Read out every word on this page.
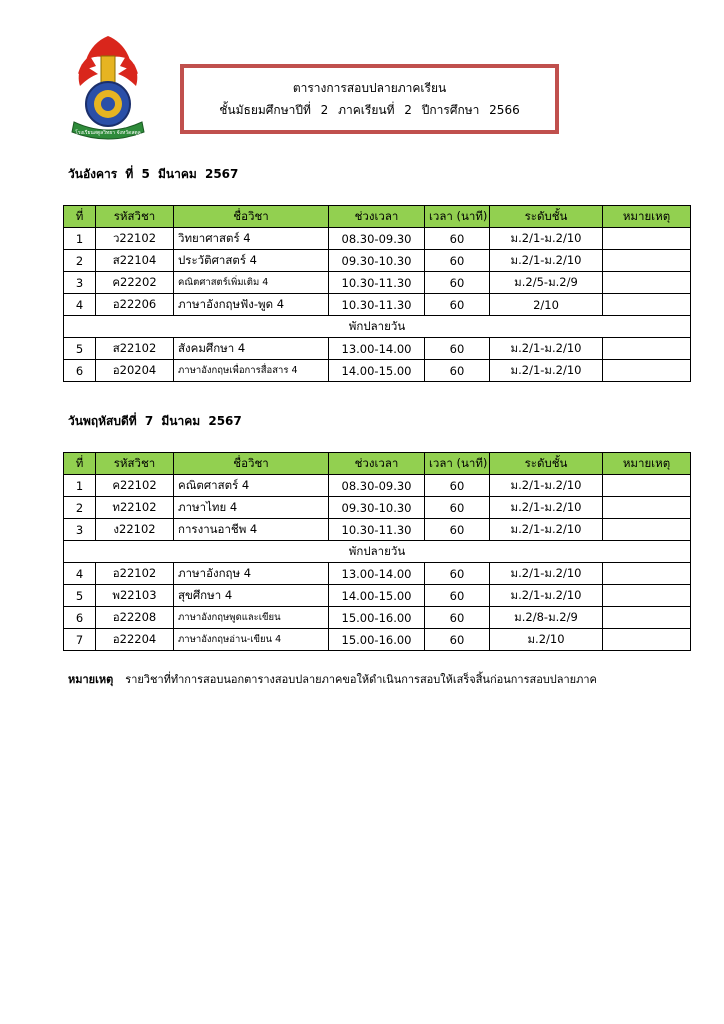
โรงเรียนสตูลวิทยา จังหวัดสตูล
ตารางการสอบปลายภาคเรียน
ชั้นมัธยมศึกษาปีที่ 2 ภาคเรียนที่ 2 ปีการศึกษา 2566
วันอังคาร ที่ 5 มีนาคม 2567
ที่	รหัสวิชา	ชื่อวิชา	ช่วงเวลา	เวลา (นาที)	ระดับชั้น	หมายเหตุ
1	ว22102	วิทยาศาสตร์ 4	08.30-09.30	60	ม.2/1-ม.2/10	
2	ส22104	ประวัติศาสตร์ 4	09.30-10.30	60	ม.2/1-ม.2/10	
3	ค22202	คณิตศาสตร์เพิ่มเติม 4	10.30-11.30	60	ม.2/5-ม.2/9	
4	อ22206	ภาษาอังกฤษฟัง-พูด 4	10.30-11.30	60	2/10	
พักปลายวัน						
5	ส22102	สังคมศึกษา 4	13.00-14.00	60	ม.2/1-ม.2/10	
6	อ20204	ภาษาอังกฤษเพื่อการสื่อสาร 4	14.00-15.00	60	ม.2/1-ม.2/10	
วันพฤหัสบดีที่ 7 มีนาคม 2567
ที่	รหัสวิชา	ชื่อวิชา	ช่วงเวลา	เวลา (นาที)	ระดับชั้น	หมายเหตุ
1	ค22102	คณิตศาสตร์ 4	08.30-09.30	60	ม.2/1-ม.2/10	
2	ท22102	ภาษาไทย 4	09.30-10.30	60	ม.2/1-ม.2/10	
3	ง22102	การงานอาชีพ 4	10.30-11.30	60	ม.2/1-ม.2/10	
พักปลายวัน						
4	อ22102	ภาษาอังกฤษ 4	13.00-14.00	60	ม.2/1-ม.2/10	
5	พ22103	สุขศึกษา 4	14.00-15.00	60	ม.2/1-ม.2/10	
6	อ22208	ภาษาอังกฤษพูดและเขียน	15.00-16.00	60	ม.2/8-ม.2/9	
7	อ22204	ภาษาอังกฤษอ่าน-เขียน 4	15.00-16.00	60	ม.2/10	
หมายเหตุ รายวิชาที่ทำการสอบนอกตารางสอบปลายภาคขอให้ดำเนินการสอบให้เสร็จสิ้นก่อนการสอบปลายภาค
